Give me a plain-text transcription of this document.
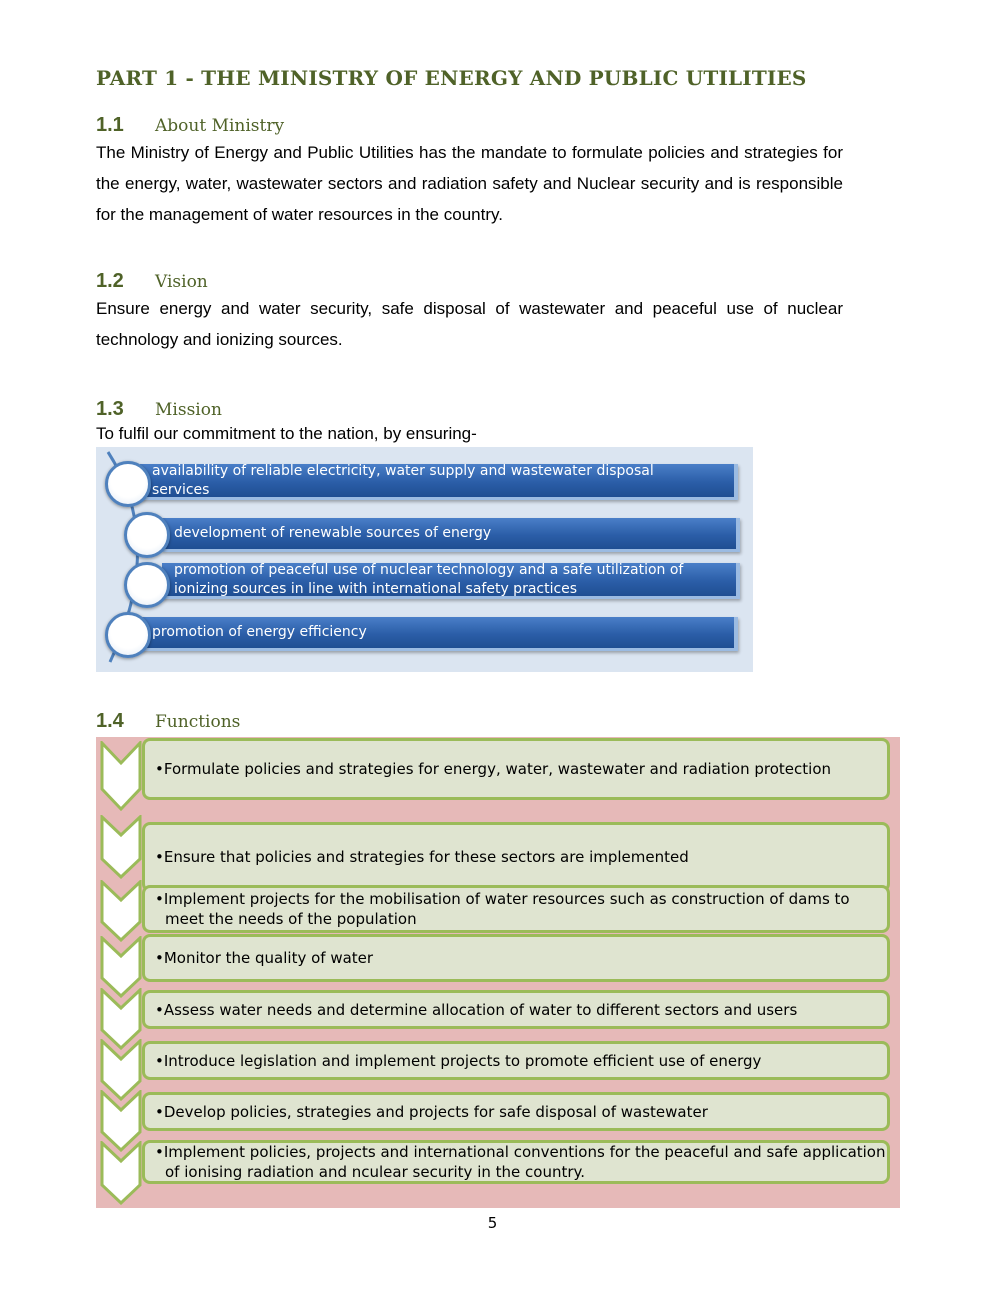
PART 1 - THE MINISTRY OF ENERGY AND PUBLIC UTILITIES
1.1 About Ministry
The Ministry of Energy and Public Utilities has the mandate to formulate policies and strategies for the energy, water, wastewater sectors and radiation safety and Nuclear security and is responsible for the management of water resources in the country.
1.2 Vision
Ensure energy and water security, safe disposal of wastewater and peaceful use of nuclear technology and ionizing sources.
1.3 Mission
To fulfil our commitment to the nation, by ensuring-
availability of reliable electricity, water supply and wastewater disposal services
development of renewable sources of energy
promotion of peaceful use of nuclear technology and a safe utilization of ionizing sources in line with international safety practices
promotion of energy efficiency
1.4 Functions
•Formulate policies and strategies for energy, water, wastewater and radiation protection
•Ensure that policies and strategies for these sectors are implemented
•Implement projects for the mobilisation of water resources such as construction of dams to meet the needs of the population
•Monitor the quality of water
•Assess water needs and determine allocation of water to different sectors and users
•Introduce legislation and implement projects to promote efficient use of energy
•Develop policies, strategies and projects for safe disposal of wastewater
•Implement policies, projects and international conventions for the peaceful and safe application of ionising radiation and nculear security in the country.
5
